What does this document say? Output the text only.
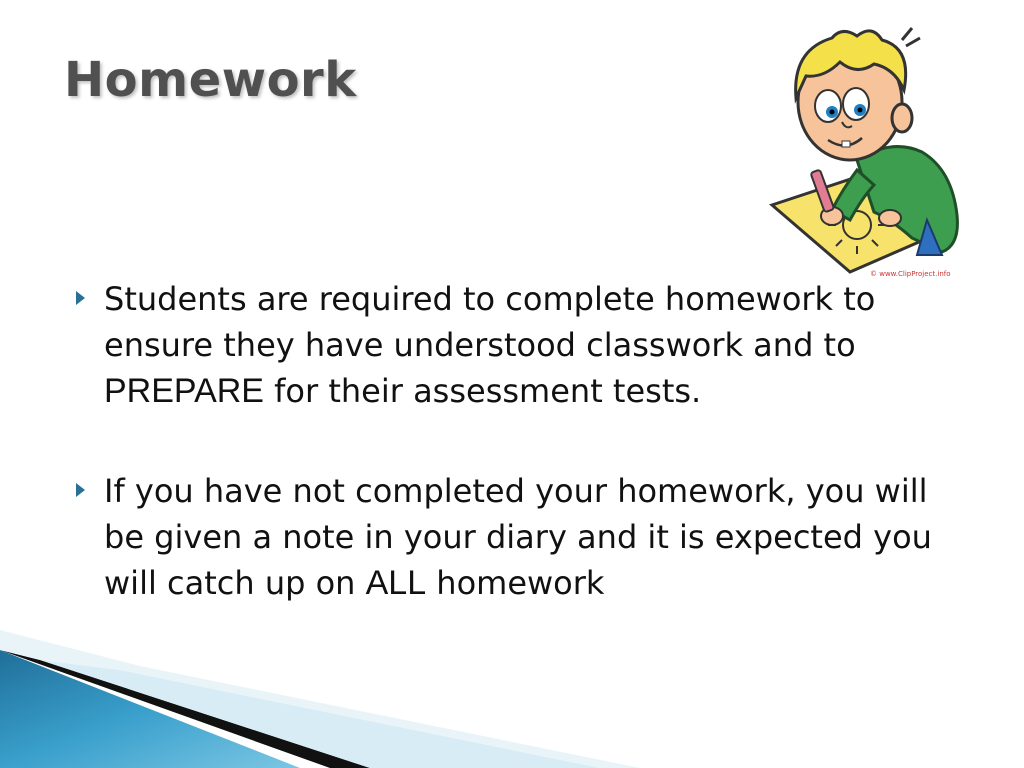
Homework
© www.ClipProject.info
Students are required to complete homework to ensure they have understood classwork and to PREPARE for their assessment tests.
If you have not completed your homework, you will be given a note in your diary and it is expected you will catch up on ALL homework
